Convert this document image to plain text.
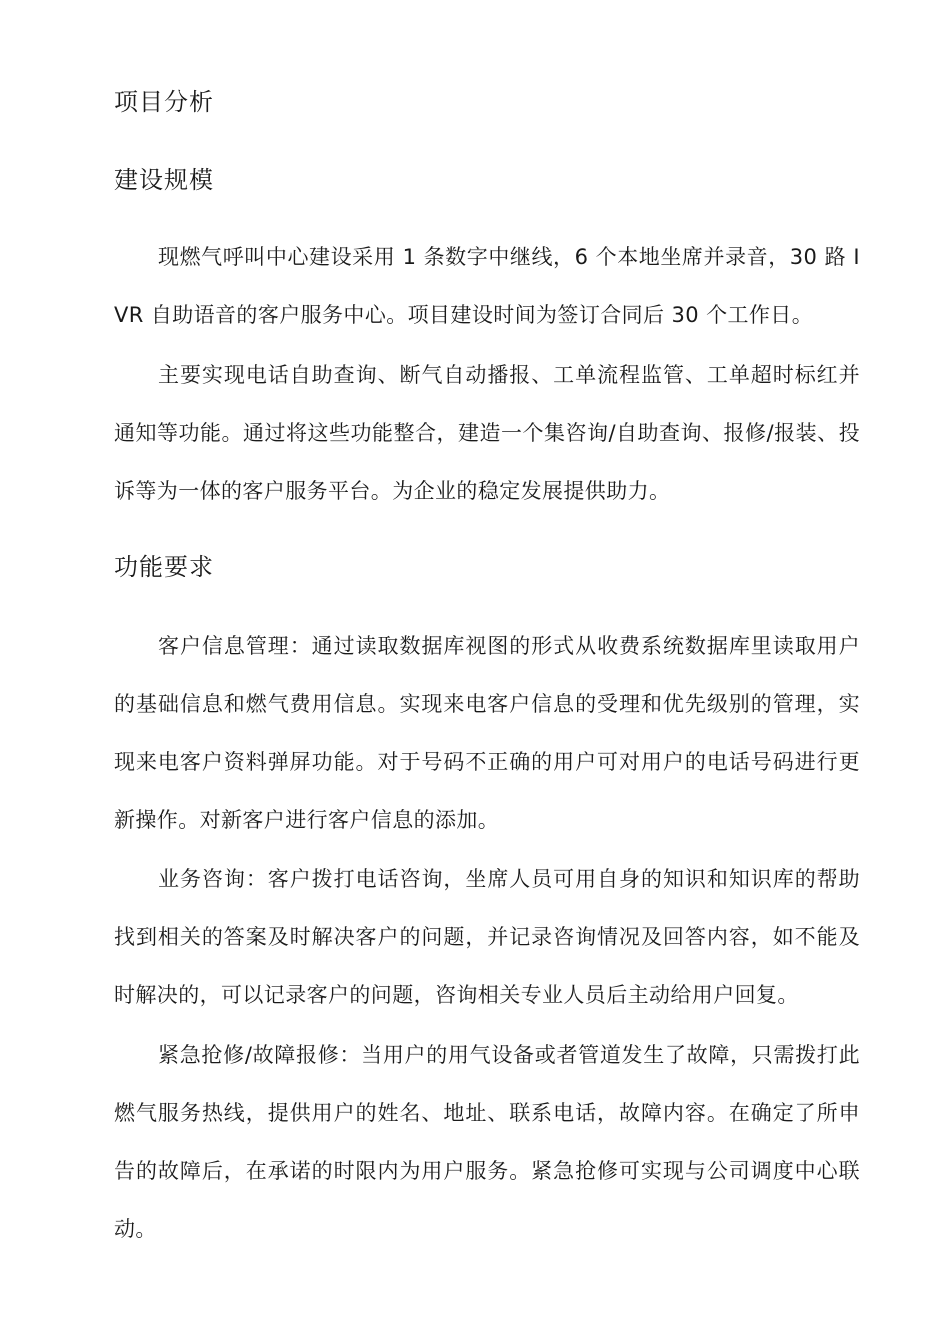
项目分析
建设规模

现燃气呼叫中心建设采用 1 条数字中继线，6 个本地坐席并录音，30 路 IVR 自助语音的客户服务中心。项目建设时间为签订合同后 30 个工作日。

主要实现电话自助查询、断气自动播报、工单流程监管、工单超时标红并通知等功能。通过将这些功能整合，建造一个集咨询/自助查询、报修/报装、投诉等为一体的客户服务平台。为企业的稳定发展提供助力。

功能要求

客户信息管理：通过读取数据库视图的形式从收费系统数据库里读取用户的基础信息和燃气费用信息。实现来电客户信息的受理和优先级别的管理，实现来电客户资料弹屏功能。对于号码不正确的用户可对用户的电话号码进行更新操作。对新客户进行客户信息的添加。

业务咨询：客户拨打电话咨询，坐席人员可用自身的知识和知识库的帮助找到相关的答案及时解决客户的问题，并记录咨询情况及回答内容，如不能及时解决的，可以记录客户的问题，咨询相关专业人员后主动给用户回复。

紧急抢修/故障报修：当用户的用气设备或者管道发生了故障，只需拨打此燃气服务热线，提供用户的姓名、地址、联系电话，故障内容。在确定了所申告的故障后，在承诺的时限内为用户服务。紧急抢修可实现与公司调度中心联动。
